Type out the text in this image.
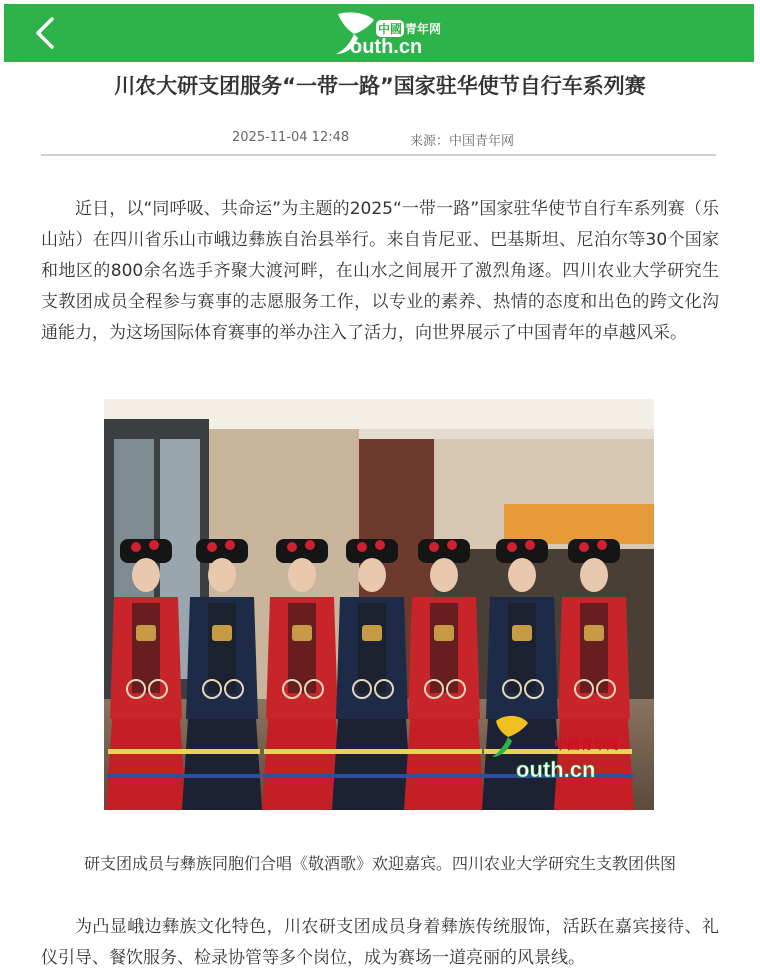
中國 青年网
outh.cn
川农大研支团服务“一带一路”国家驻华使节自行车系列赛
2025-11-04 12:48	来源：中国青年网

近日，以“同呼吸、共命运”为主题的2025“一带一路”国家驻华使节自行车系列赛（乐山站）在四川省乐山市峨边彝族自治县举行。来自肯尼亚、巴基斯坦、尼泊尔等30个国家和地区的800余名选手齐聚大渡河畔，在山水之间展开了激烈角逐。四川农业大学研究生支教团成员全程参与赛事的志愿服务工作，以专业的素养、热情的态度和出色的跨文化沟通能力，为这场国际体育赛事的举办注入了活力，向世界展示了中国青年的卓越风采。

中國青年网
outh.cn

研支团成员与彝族同胞们合唱《敬酒歌》欢迎嘉宾。四川农业大学研究生支教团供图

为凸显峨边彝族文化特色，川农研支团成员身着彝族传统服饰，活跃在嘉宾接待、礼仪引导、餐饮服务、检录协管等多个岗位，成为赛场一道亮丽的风景线。
